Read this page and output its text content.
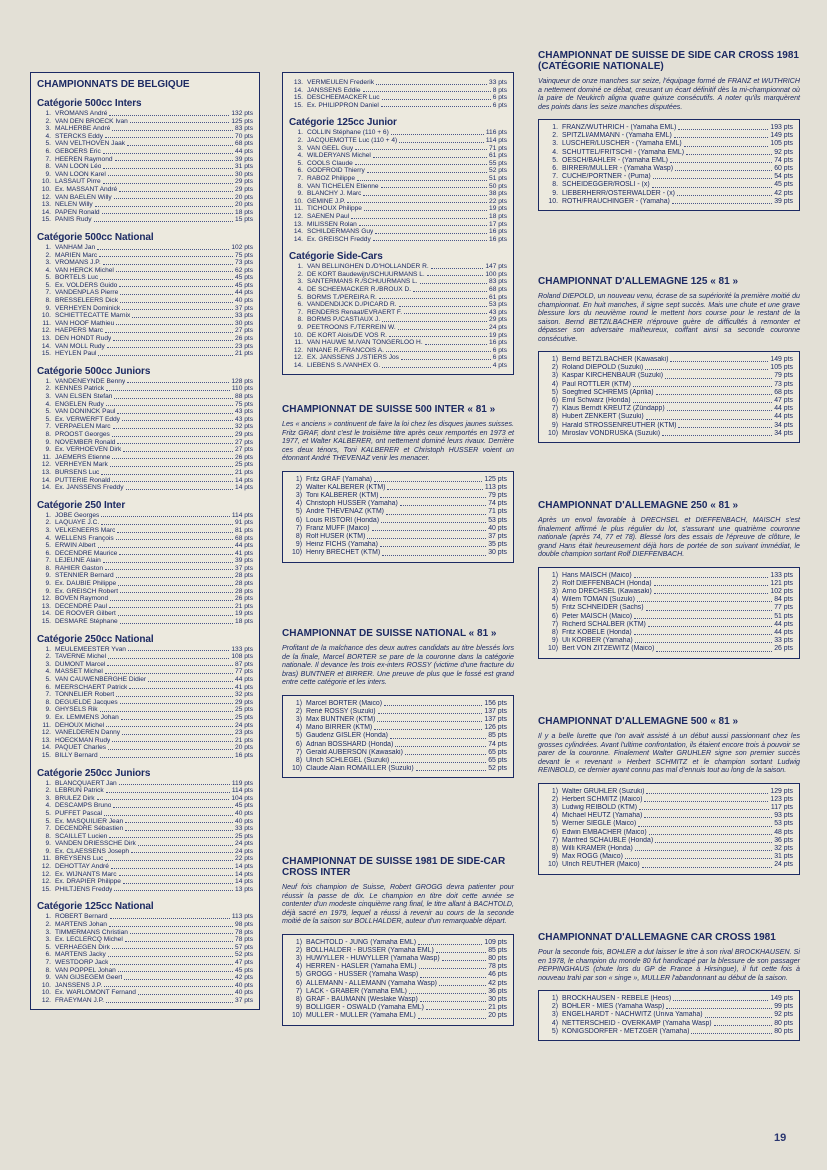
CHAMPIONNATS DE BELGIQUE
Catégorie 500cc Inters
1. VROMANS André	132 pts
2. VAN DEN BROECK Ivan	125 pts
3. MALHERBE André	83 pts
4. STERCKS Eddy	70 pts
5. VAN VELTHOVEN Jaak	68 pts
6. GEBOERS Eric	44 pts
7. HEEREN Raymond	39 pts
8. VAN LOON Léo	31 pts
9. VAN LOON Karel	30 pts
10. LASSAUT Pirre	29 pts
10. Ex. MASSANT André	29 pts
12. VAN BAELEN Willy	20 pts
13. NELEN Willy	20 pts
14. PAPEN Ronald	18 pts
15. PANIS Rudy	15 pts
Catégorie 500cc National
1. VANHAM Jan	102 pts
2. MARIEN Marc	75 pts
3. VROMANS J.P.	73 pts
4. VAN HERCK Michel	62 pts
5. BORTELS Luc	45 pts
5. Ex. VOLDERS Guido	45 pts
7. VANDENPLAS Pierre	44 pts
8. BRESSELEERS Dick	40 pts
9. VERHEYEN Dominick	37 pts
10. SCHIETTECATTE Marnix	33 pts
11. VAN HOOF Mathieu	30 pts
12. HAEPERS Marc	27 pts
13. DEN HONDT Rudy	26 pts
14. VAN MOLL Rudy	23 pts
15. HEYLEN Paul	21 pts
Catégorie 500cc Juniors
1. VANDENEYNDE Benny	128 pts
2. KENNES Patrick	110 pts
3. VAN ELSEN Stefan	88 pts
4. ENGELEN Rudy	75 pts
5. VAN DONINCK Paul	43 pts
5. Ex. VERWERFT Eddy	43 pts
7. VERPAELEN Marc	32 pts
8. PROOST Georges	29 pts
9. NOVEMBER Ronald	27 pts
9. Ex. VERHOEVEN Dirk	27 pts
11. JAEMERS Etienne	26 pts
12. VERHEYEN Mark	25 pts
13. BURSENS Luc	21 pts
14. PUTTERIE Ronald	14 pts
14. Ex. JANSSENS Freddy	14 pts
Catégorie 250 Inter
1. JOBE Georges	114 pts
2. LAQUAYE J.C.	91 pts
3. VELKENEERS Marc	81 pts
4. WELLENS François	68 pts
5. ERWIN Albert	44 pts
6. DECENDRE Maurice	41 pts
7. LEJEUNE Alain	39 pts
8. RAHIER Gaston	37 pts
9. STENNIER Bernard	28 pts
9. Ex. DAUBIE Philippe	28 pts
9. Ex. GREISCH Robert	28 pts
12. BOVEN Raymond	26 pts
13. DECENDRE Paul	21 pts
14. DE ROOVER Gilbert	19 pts
15. DESMARE Stéphane	18 pts
Catégorie 250cc National
1. MEULEMEESTER Yvan	133 pts
2. TAVERNE Michel	108 pts
3. DUMONT Marcel	87 pts
4. MASSET Michel	77 pts
5. VAN CAUWENBERGHE Didier	44 pts
6. MEERSCHAERT Patrick	41 pts
7. TONNELIER Robert	32 pts
8. DEGUELDE Jacques	29 pts
9. GHYSELS Rik	25 pts
9. Ex. LEMMENS Johan	25 pts
11. DEHOUX Michel	24 pts
12. VANELDEREN Danny	23 pts
13. HOECKMAN Rudy	21 pts
14. PAQUET Charles	20 pts
15. BILLY Bernard	16 pts
Catégorie 250cc Juniors
1. BLANCQUAERT Jan	119 pts
2. LEBRUN Patrick	114 pts
3. BRULEZ Dirk	104 pts
4. DESCAMPS Bruno	45 pts
5. PUFFET Pascal	40 pts
5. Ex. MASQUILIER Jean	40 pts
7. DECENDRE Sébastien	33 pts
8. SCAILLET Lucien	25 pts
9. VANDEN DRIESSCHE Dirk	24 pts
9. Ex. CLAESSENS Joseph	24 pts
11. BREYSENS Luc	22 pts
12. DEHOTTAY André	14 pts
12. Ex. WIJNANTS Marc	14 pts
12. Ex. DRAPIER Philippe	14 pts
15. PHILTJENS Freddy	13 pts
Catégorie 125cc National
1. ROBERT Bernard	113 pts
2. MARTENS Johan	98 pts
3. TIMMERMANS Christian	78 pts
3. Ex. LECLERCQ Michel	78 pts
5. VERHAEGEN Dirk	57 pts
6. MARTENS Jacky	52 pts
7. WESTDORP Jack	47 pts
8. VAN POPPEL Johan	45 pts
9. VAN GIJSEGEM Geert	42 pts
10. JANSSENS J.P.	40 pts
10. Ex. WARLOMONT Fernand	40 pts
12. FRAEYMAN J.P.	37 pts
13. VERMEULEN Frederik	33 pts
14. JANSSENS Eddie	8 pts
15. DESCHEEMACKER Luc	6 pts
15. Ex. PHILIPPRON Daniel	6 pts
Catégorie 125cc Junior
1. COLLIN Stéphane (110 + 6)	116 pts
2. JACQUEMOTTE Luc (110 + 4)	114 pts
3. VAN GEEL Guy	71 pts
4. WILDERYANS Michel	61 pts
5. COOLS Claude	55 pts
6. GODFROID Thierry	52 pts
7. RABOZ Philippe	51 pts
8. VAN TICHELEN Etienne	50 pts
9. BLANCHY J. Marc	38 pts
10. GEMINE J.P.	22 pts
11. TICHOUX Philippe	19 pts
12. SAENEN Paul	18 pts
13. MILISSEN Rolan	17 pts
14. SCHILDERMANS Guy	16 pts
14. Ex. GREISCH Freddy	16 pts
Catégorie Side-Cars
1. VAN BELLINGHEN D./D'HOLLANDER R.	147 pts
2. DE KORT Baudewijn/SCHUURMANS L.	100 pts
3. SANTERMANS R./SCHUURMANS L.	83 pts
4. DE SCHEEMACKER R./BROUX D.	68 pts
5. BORMS T./PEREIRA R.	61 pts
6. VANDENDIJCK D./PICARD R.	53 pts
7. RENDERS Renaat/EVRAERT F.	43 pts
8. BORMS P./CASTIAUX J.	29 pts
9. PEETROONS F./TERREIN W.	24 pts
10. DE KORT Alois/DE VOS R.	19 pts
11. VAN HAUWE M./VAN TONGERLOO H.	16 pts
12. NINANE R./FRANCOIS A.	6 pts
12. EX. JANSSENS J./STIERS Jos	6 pts
14. LIEBENS S./VANHEX G.	4 pts
CHAMPIONNAT DE SUISSE 500 INTER « 81 »
Les « anciens » continuent de faire la loi chez les disques jaunes suisses. Fritz GRAF, dont c'est le troisième titre après ceux remportés en 1973 et 1977, et Walter KALBERER, ont nettement dominé leurs rivaux. Derrière ces deux ténors, Toni KALBERER et Christoph HUSSER voient un étonnant André THEVENAZ venir les menacer.
1) Fritz GRAF (Yamaha)	125 pts
2) Walter KALBERER (KTM)	113 pts
3) Toni KALBERER (KTM)	79 pts
4) Christoph HUSSER (Yamaha)	74 pts
5) André THEVENAZ (KTM)	71 pts
6) Louis RISTORI (Honda)	53 pts
7) Franz MUFF (Maico)	40 pts
8) Rolf HUSER (KTM)	37 pts
9) Heinz FICHS (Yamaha)	35 pts
10) Henry BRECHET (KTM)	30 pts
CHAMPIONNAT DE SUISSE NATIONAL « 81 »
Profitant de la malchance des deux autres candidats au titre blessés lors de la finale, Marcel BORTER se pare de la couronne dans la catégorie nationale. Il devance les trois ex-inters ROSSY (victime d'une fracture du bras) BUNTNER et BIRRER. Une preuve de plus que le fossé est grand entre cette catégorie et les inters.
1) Marcel BORTER (Maico)	156 pts
2) René ROSSY (Suzuki)	137 pts
3) Max BUNTNER (KTM)	137 pts
4) Mario BIRRER (KTM)	126 pts
5) Gaudenz GISLER (Honda)	85 pts
6) Adrian BOSSHARD (Honda)	74 pts
7) Gerald AUBERSON (Kawasaki)	65 pts
8) Ulrich SCHLEGEL (Suzuki)	65 pts
10) Claude Alain ROMAILLER (Suzuki)	52 pts
CHAMPIONNAT DE SUISSE 1981 DE SIDE-CAR CROSS INTER
Neuf fois champion de Suisse, Robert GROGG devra patienter pour réussir la passe de dix. Le champion en titre doit cette année se contenter d'un modeste cinquième rang final, le titre allant à BACHTOLD, déjà sacré en 1979, lequel a réussi à revenir au cours de la seconde moitié de la saison sur BOLLHALDER, auteur d'un remarquable départ.
1) BACHTOLD - JUNG (Yamaha EML)	109 pts
2) BOLLHALDER - BUSSER (Yamaha EML)	85 pts
3) HUWYLLER - HUWYLLER (Yamaha Wasp)	80 pts
4) HERREN - HASLER (Yamaha EML)	78 pts
5) GROGG - HUSSER (Yamaha Wasp)	46 pts
6) ALLEMANN - ALLEMANN (Yamaha Wasp)	42 pts
7) LACK - GRABER (Yamaha EML)	36 pts
8) GRAF - BAUMANN (Weslake Wasp)	30 pts
9) BOLLIGER - OSWALD (Yamaha EML)	21 pts
10) MULLER - MULLER (Yamaha EML)	20 pts
CHAMPIONNAT DE SUISSE DE SIDE CAR CROSS 1981 (CATÉGORIE NATIONALE)
Vainqueur de onze manches sur seize, l'équipage formé de FRANZ et WUTHRICH a nettement dominé ce débat, creusant un écart définitif dès la mi-championnat où la paire de Neukirch aligna quatre quinze consécutifs. A noter qu'ils marquèrent des points dans les seize manches disputées.
1. FRANZ/WUTHRICH - (Yamaha EML)	193 pts
2. SPITZLI/AMMANN - (Yamaha EML)	149 pts
3. LUSCHER/LUSCHER - (Yamaha EML)	105 pts
4. SCHUTTEL/FRITSCHI - (Yamaha EML)	92 pts
5. OESCH/BAHLER - (Yamaha EML)	74 pts
6. BIRRER/MULLER - (Yamaha Wasp)	60 pts
7. CUCHE/PORTNER - (Puma)	54 pts
8. SCHEIDEGGER/ROSLI - (x)	45 pts
9. LIEBERHERR/OSTERWALDER - (x)	42 pts
10. ROTH/FRAUCHINGER - (Yamaha)	39 pts
CHAMPIONNAT D'ALLEMAGNE 125 « 81 »
Roland DIEPOLD, un nouveau venu, écrase de sa supériorité la première moitié du championnat. En huit manches, il signe sept succès. Mais une chute et une grave blessure lors du neuvième round le mettent hors course pour le restant de la saison. Bernd BETZILBACHER n'éprouve guère de difficultés à remonter et dépasser son adversaire malheureux, coiffant ainsi sa seconde couronne consécutive.
1) Bernd BETZLBACHER (Kawasaki)	149 pts
2) Roland DIEPOLD (Suzuki)	105 pts
3) Kaspar KIRCHENBAUR (Suzuki)	79 pts
4) Paul ROTTLER (KTM)	73 pts
5) Soegfried SCHREMS (Aprilia)	68 pts
6) Emil Schwarz (Honda)	47 pts
7) Klaus Berndt KREUTZ (Zündapp)	44 pts
8) Hubert ZENKERT (Suzuki)	44 pts
9) Harald STROSSENREUTHER (KTM)	34 pts
10) Miroslav VONDRUSKA (Suzuki)	34 pts
CHAMPIONNAT D'ALLEMAGNE 250 « 81 »
Après un envol favorable à DRECHSEL et DIEFFENBACH, MAISCH s'est finalement affirmé le plus régulier du lot, s'assurant une quatrième couronne nationale (après 74, 77 et 78). Blessé lors des essais de l'épreuve de clôture, le grand Hans était heureusement déjà hors de portée de son suivant immédiat, le double champion sortant Rolf DIEFFENBACH.
1) Hans MAISCH (Maico)	133 pts
2) Rolf DIEFFENBACH (Honda)	121 pts
3) Arno DRECHSEL (Kawasaki)	102 pts
4) Wilem TOMAN (Suzuki)	84 pts
5) Fritz SCHNEIDER (Sachs)	77 pts
6) Peter MAISCH (Maico)	51 pts
7) Richerd SCHALBER (KTM)	44 pts
8) Fritz KOBELE (Honda)	44 pts
9) Uli KORBER (Yamaha)	33 pts
10) Bert VON ZITZEWITZ (Maico)	26 pts
CHAMPIONNAT D'ALLEMAGNE 500 « 81 »
Il y a belle lurette que l'on avait assisté à un début aussi passionnant chez les grosses cylindrées. Avant l'ultime confrontation, ils étaient encore trois à pouvoir se parer de la couronne. Finalement Walter GRUHLER signe son premier succès devant le « revenant » Herbert SCHMITZ et le champion sortant Ludwig REINBOLD, ce dernier ayant connu pas mal d'ennuis tout au long de la saison.
1) Walter GRUHLER (Suzuki)	129 pts
2) Herbert SCHMITZ (Maico)	123 pts
3) Ludwig REIBOLD (KTM)	117 pts
4) Michael HEUTZ (Yamaha)	93 pts
5) Werner SIEGLE (Maico)	53 pts
6) Edwin EMBACHER (Maico)	48 pts
7) Manfred SCHAUBLE (Honda)	36 pts
8) Willi KRAMER (Honda)	32 pts
9) Max ROGG (Maico)	31 pts
10) Ulrich REUTHER (Maico)	24 pts
CHAMPIONNAT D'ALLEMAGNE CAR CROSS 1981
Pour la seconde fois, BOHLER a dut laisser le titre à son rival BROCKHAUSEN. Si en 1978, le champion du monde 80 fut handicapé par la blessure de son passager PEPPINGHAUS (chute lors du GP de France à Hirsingue), il fut cette fois à nouveau trahi par son « singe », MULLER l'abandonnant au début de la saison.
1) BROCKHAUSEN - REBELE (Heos)	149 pts
2) BOHLER - MIES (Yamaha Wasp)	99 pts
3) ENGELHARDT - NACHWITZ (Univa Yamaha)	92 pts
4) NETTERSCHEID - OVERKAMP (Yamaha Wasp)	80 pts
5) KÖNIGSDORFER - METZGER (Yamaha)	80 pts
19
